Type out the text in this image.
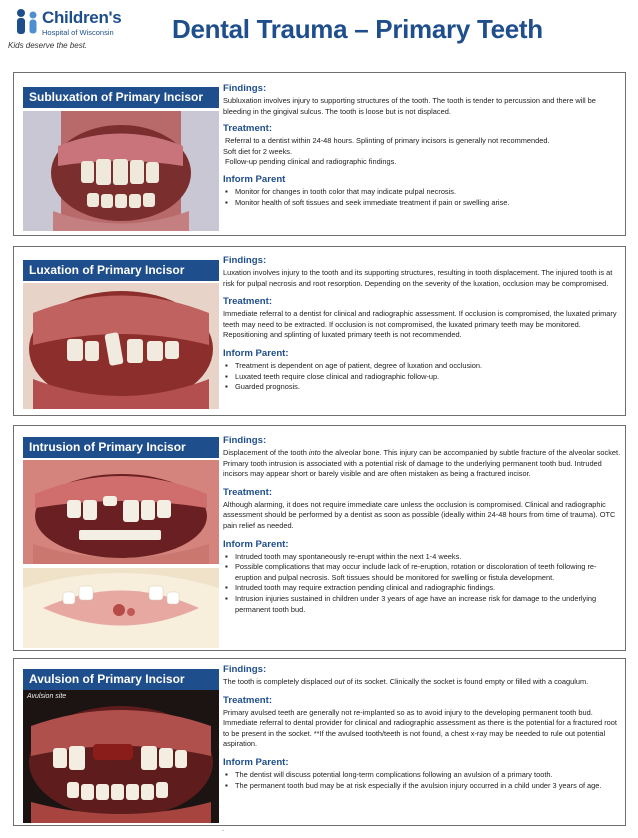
Children's
Hospital of Wisconsin
Kids deserve the best.
Dental Trauma – Primary Teeth
Subluxation of Primary Incisor
Findings:

Subluxation involves injury to supporting structures of the tooth. The tooth is tender to percussion and there will be bleeding in the gingival sulcus. The tooth is loose but is not displaced.

Treatment:
Referral to a dentist within 24-48 hours. Splinting of primary incisors is generally not recommended.
Soft diet for 2 weeks.
Follow-up pending clinical and radiographic findings.
Inform Parent
▪ Monitor for changes in tooth color that may indicate pulpal necrosis.
▪ Monitor health of soft tissues and seek immediate treatment if pain or swelling arise.
Luxation of Primary Incisor
Findings:

Luxation involves injury to the tooth and its supporting structures, resulting in tooth displacement. The injured tooth is at risk for pulpal necrosis and root resorption. Depending on the severity of the luxation, occlusion may be compromised.

Treatment:

Immediate referral to a dentist for clinical and radiographic assessment. If occlusion is compromised, the luxated primary teeth may need to be extracted. If occlusion is not compromised, the luxated primary teeth may be monitored. Repositioning and splinting of luxated primary teeth is not recommended.

Inform Parent:
▪ Treatment is dependent on age of patient, degree of luxation and occlusion.
▪ Luxated teeth require close clinical and radiographic follow-up.
▪ Guarded prognosis.
Intrusion of Primary Incisor	Findings:

Displacement of the tooth into the alveolar bone. This injury can be accompanied by subtle fracture of the alveolar socket. Primary tooth intrusion is associated with a potential risk of damage to the underlying permanent tooth bud. Intruded incisors may appear short or barely visible and are often mistaken as being a fractured incisor.

Treatment:

Although alarming, it does not require immediate care unless the occlusion is compromised. Clinical and radiographic assessment should be performed by a dentist as soon as possible (ideally within 24-48 hours from time of trauma). OTC pain relief as needed.

Inform Parent:
▪ Intruded tooth may spontaneously re-erupt within the next 1-4 weeks.
▪ Possible complications that may occur include lack of re-eruption, rotation or discoloration of teeth following re-eruption and pulpal necrosis. Soft tissues should be monitored for swelling or fistula development.
▪ Intruded tooth may require extraction pending clinical and radiographic findings.
▪ Intrusion injuries sustained in children under 3 years of age have an increase risk for damage to the underlying permanent tooth bud.
Avulsion of Primary Incisor
Avulsion site
Findings:

The tooth is completely displaced out of its socket. Clinically the socket is found empty or filled with a coagulum.

Treatment:

Primary avulsed teeth are generally not re-implanted so as to avoid injury to the developing permanent tooth bud. Immediate referral to dental provider for clinical and radiographic assessment as there is the potential for a fractured root to be present in the socket. **If the avulsed tooth/teeth is not found, a chest x-ray may be needed to rule out potential aspiration.

Inform Parent:
▪ The dentist will discuss potential long-term complications following an avulsion of a primary tooth.
▪ The permanent tooth bud may be at risk especially if the avulsion injury occurred in a child under 3 years of age.
.
